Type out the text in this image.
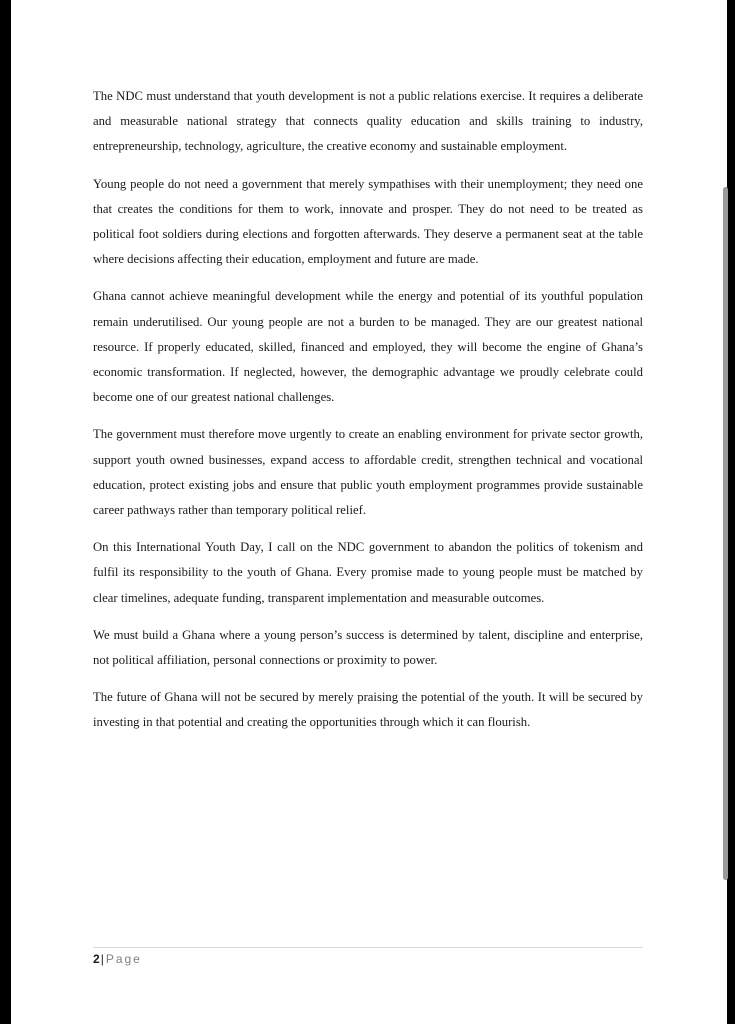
The NDC must understand that youth development is not a public relations exercise. It requires a deliberate and measurable national strategy that connects quality education and skills training to industry, entrepreneurship, technology, agriculture, the creative economy and sustainable employment.

Young people do not need a government that merely sympathises with their unemployment; they need one that creates the conditions for them to work, innovate and prosper. They do not need to be treated as political foot soldiers during elections and forgotten afterwards. They deserve a permanent seat at the table where decisions affecting their education, employment and future are made.

Ghana cannot achieve meaningful development while the energy and potential of its youthful population remain underutilised. Our young people are not a burden to be managed. They are our greatest national resource. If properly educated, skilled, financed and employed, they will become the engine of Ghana’s economic transformation. If neglected, however, the demographic advantage we proudly celebrate could become one of our greatest national challenges.

The government must therefore move urgently to create an enabling environment for private sector growth, support youth owned businesses, expand access to affordable credit, strengthen technical and vocational education, protect existing jobs and ensure that public youth employment programmes provide sustainable career pathways rather than temporary political relief.

On this International Youth Day, I call on the NDC government to abandon the politics of tokenism and fulfil its responsibility to the youth of Ghana. Every promise made to young people must be matched by clear timelines, adequate funding, transparent implementation and measurable outcomes.

We must build a Ghana where a young person’s success is determined by talent, discipline and enterprise, not political affiliation, personal connections or proximity to power.

The future of Ghana will not be secured by merely praising the potential of the youth. It will be secured by investing in that potential and creating the opportunities through which it can flourish.

2| Page
